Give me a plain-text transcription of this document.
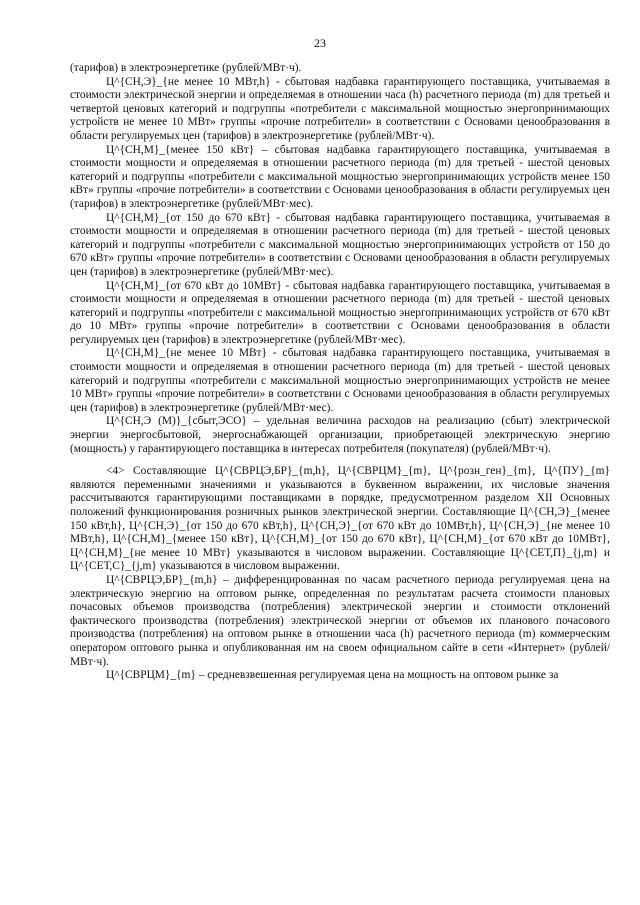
23

(тарифов) в электроэнергетике (рублей/МВт·ч).

Ц^{СН,Э}_{не менее 10 МВт,h} - сбытовая надбавка гарантирующего поставщика, учитываемая в стоимости электрической энергии и определяемая в отношении часа (h) расчетного периода (m) для третьей и четвертой ценовых категорий и подгруппы «потребители с максимальной мощностью энергопринимающих устройств не менее 10 МВт» группы «прочие потребители» в соответствии с Основами ценообразования в области регулируемых цен (тарифов) в электроэнергетике (рублей/МВт·ч).

Ц^{СН,М}_{менее 150 кВт} – сбытовая надбавка гарантирующего поставщика, учитываемая в стоимости мощности и определяемая в отношении расчетного периода (m) для третьей - шестой ценовых категорий и подгруппы «потребители с максимальной мощностью энергопринимающих устройств менее 150 кВт» группы «прочие потребители» в соответствии с Основами ценообразования в области регулируемых цен (тарифов) в электроэнергетике (рублей/МВт·мес).

Ц^{СН,М}_{от 150 до 670 кВт} - сбытовая надбавка гарантирующего поставщика, учитываемая в стоимости мощности и определяемая в отношении расчетного периода (m) для третьей - шестой ценовых категорий и подгруппы «потребители с максимальной мощностью энергопринимающих устройств от 150 до 670 кВт» группы «прочие потребители» в соответствии с Основами ценообразования в области регулируемых цен (тарифов) в электроэнергетике (рублей/МВт·мес).

Ц^{СН,М}_{от 670 кВт до 10МВт} - сбытовая надбавка гарантирующего поставщика, учитываемая в стоимости мощности и определяемая в отношении расчетного периода (m) для третьей - шестой ценовых категорий и подгруппы «потребители с максимальной мощностью энергопринимающих устройств от 670 кВт до 10 МВт» группы «прочие потребители» в соответствии с Основами ценообразования в области регулируемых цен (тарифов) в электроэнергетике (рублей/МВт·мес).

Ц^{СН,М}_{не менее 10 МВт} - сбытовая надбавка гарантирующего поставщика, учитываемая в стоимости мощности и определяемая в отношении расчетного периода (m) для третьей - шестой ценовых категорий и подгруппы «потребители с максимальной мощностью энергопринимающих устройств не менее 10 МВт» группы «прочие потребители» в соответствии с Основами ценообразования в области регулируемых цен (тарифов) в электроэнергетике (рублей/МВт·мес).

Ц^{СН,Э (М)}_{сбыт,ЭСО} – удельная величина расходов на реализацию (сбыт) электрической энергии энергосбытовой, энергоснабжающей организации, приобретающей электрическую энергию (мощность) у гарантирующего поставщика в интересах потребителя (покупателя) (рублей/МВт·ч).

<4> Составляющие Ц^{СВРЦЭ,БР}_{m,h}, Ц^{СВРЦМ}_{m}, Ц^{розн_ген}_{m}, Ц^{ПУ}_{m} являются переменными значениями и указываются в буквенном выражении, их числовые значения рассчитываются гарантирующими поставщиками в порядке, предусмотренном разделом XII Основных положений функционирования розничных рынков электрической энергии. Составляющие Ц^{СН,Э}_{менее 150 кВт,h}, Ц^{СН,Э}_{от 150 до 670 кВт,h}, Ц^{СН,Э}_{от 670 кВт до 10МВт,h}, Ц^{СН,Э}_{не менее 10 МВт,h}, Ц^{СН,М}_{менее 150 кВт}, Ц^{СН,М}_{от 150 до 670 кВт}, Ц^{СН,М}_{от 670 кВт до 10МВт}, Ц^{СН,М}_{не менее 10 МВт} указываются в числовом выражении. Составляющие Ц^{СЕТ,П}_{j,m} и Ц^{СЕТ,С}_{j,m} указываются в числовом выражении.

Ц^{СВРЦЭ,БР}_{m,h} – дифференцированная по часам расчетного периода регулируемая цена на электрическую энергию на оптовом рынке, определенная по результатам расчета стоимости плановых почасовых объемов производства (потребления) электрической энергии и стоимости отклонений фактического производства (потребления) электрической энергии от объемов их планового почасового производства (потребления) на оптовом рынке в отношении часа (h) расчетного периода (m) коммерческим оператором оптового рынка и опубликованная им на своем официальном сайте в сети «Интернет» (рублей/МВт·ч).

Ц^{СВРЦМ}_{m} – средневзвешенная регулируемая цена на мощность на оптовом рынке за
